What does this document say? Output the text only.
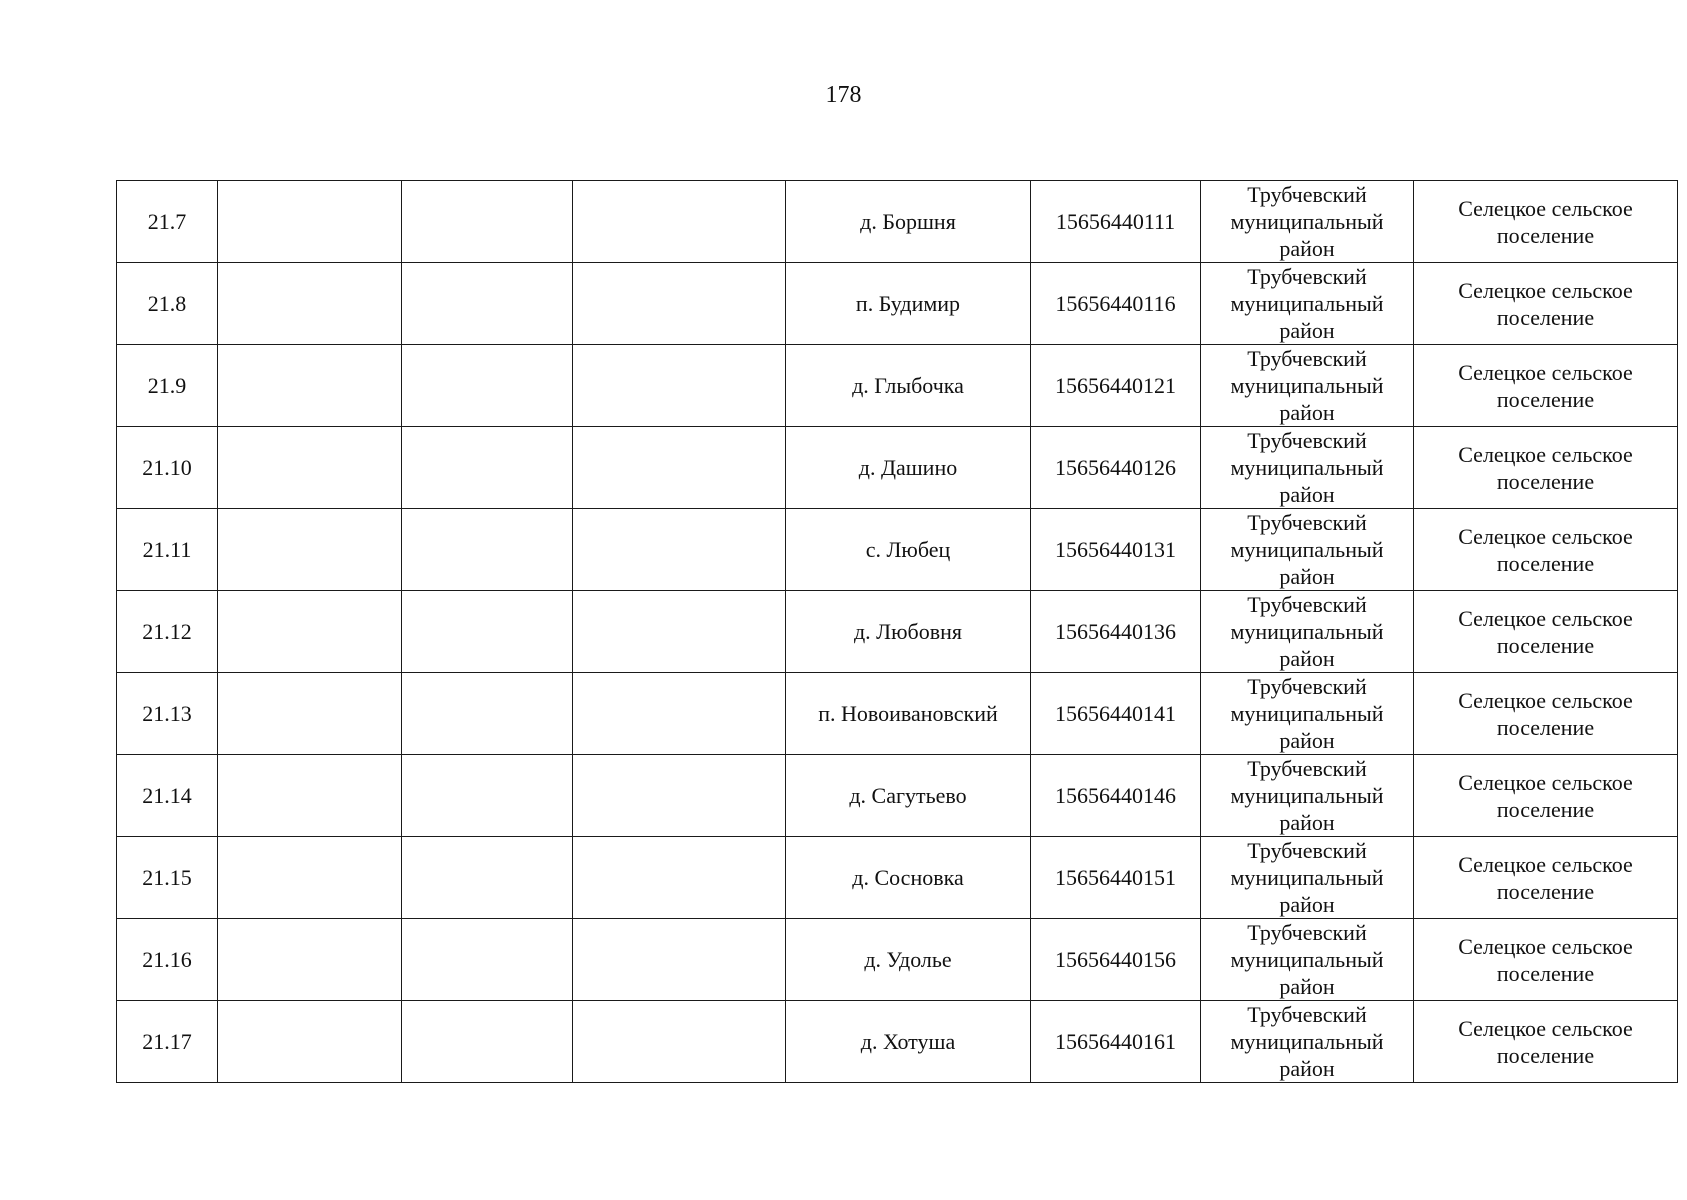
178
21.7				д. Боршня	15656440111	Трубчевский
муниципальный
район	Селецкое сельское
поселение

21.8				п. Будимир	15656440116	Трубчевский
муниципальный
район	Селецкое сельское
поселение

21.9				д. Глыбочка	15656440121	Трубчевский
муниципальный
район	Селецкое сельское
поселение

21.10				д. Дашино	15656440126	Трубчевский
муниципальный
район	Селецкое сельское
поселение

21.11				с. Любец	15656440131	Трубчевский
муниципальный
район	Селецкое сельское
поселение

21.12				д. Любовня	15656440136	Трубчевский
муниципальный
район	Селецкое сельское
поселение

21.13				п. Новоивановский	15656440141	Трубчевский
муниципальный
район	Селецкое сельское
поселение

21.14				д. Сагутьево	15656440146	Трубчевский
муниципальный
район	Селецкое сельское
поселение

21.15				д. Сосновка	15656440151	Трубчевский
муниципальный
район	Селецкое сельское
поселение

21.16				д. Удолье	15656440156	Трубчевский
муниципальный
район	Селецкое сельское
поселение

21.17				д. Хотуша	15656440161	Трубчевский
муниципальный
район	Селецкое сельское
поселение
